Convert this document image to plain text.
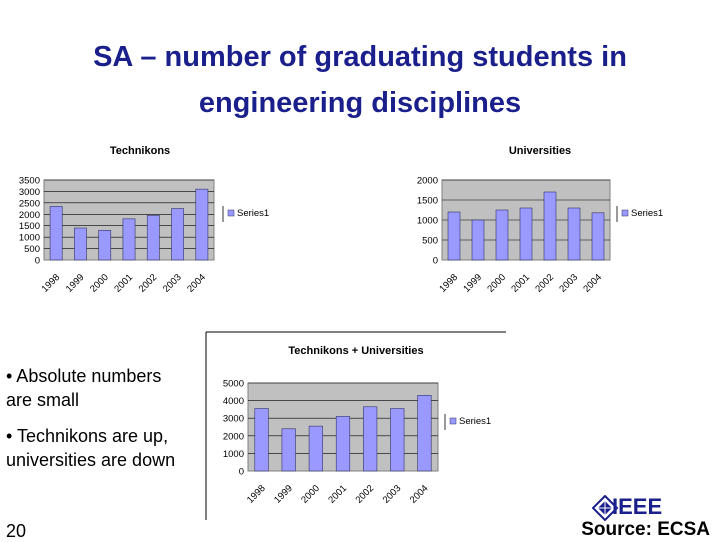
SA – number of graduating students in
engineering disciplines
Technikons
0
500
1000
1500
2000
2500
3000
3500
1998 1999 2000 2001 2002 2003 2004
Series1
Universities
0
500
1000
1500
2000
1998 1999 2000 2001 2002 2003 2004
Series1
Technikons + Universities
0
1000
2000
3000
4000
5000
1998 1999 2000 2001 2002 2003 2004
Series1

• Absolute numbers are small

• Technikons are up, universities are down

20
IEEE
Source: ECSA
